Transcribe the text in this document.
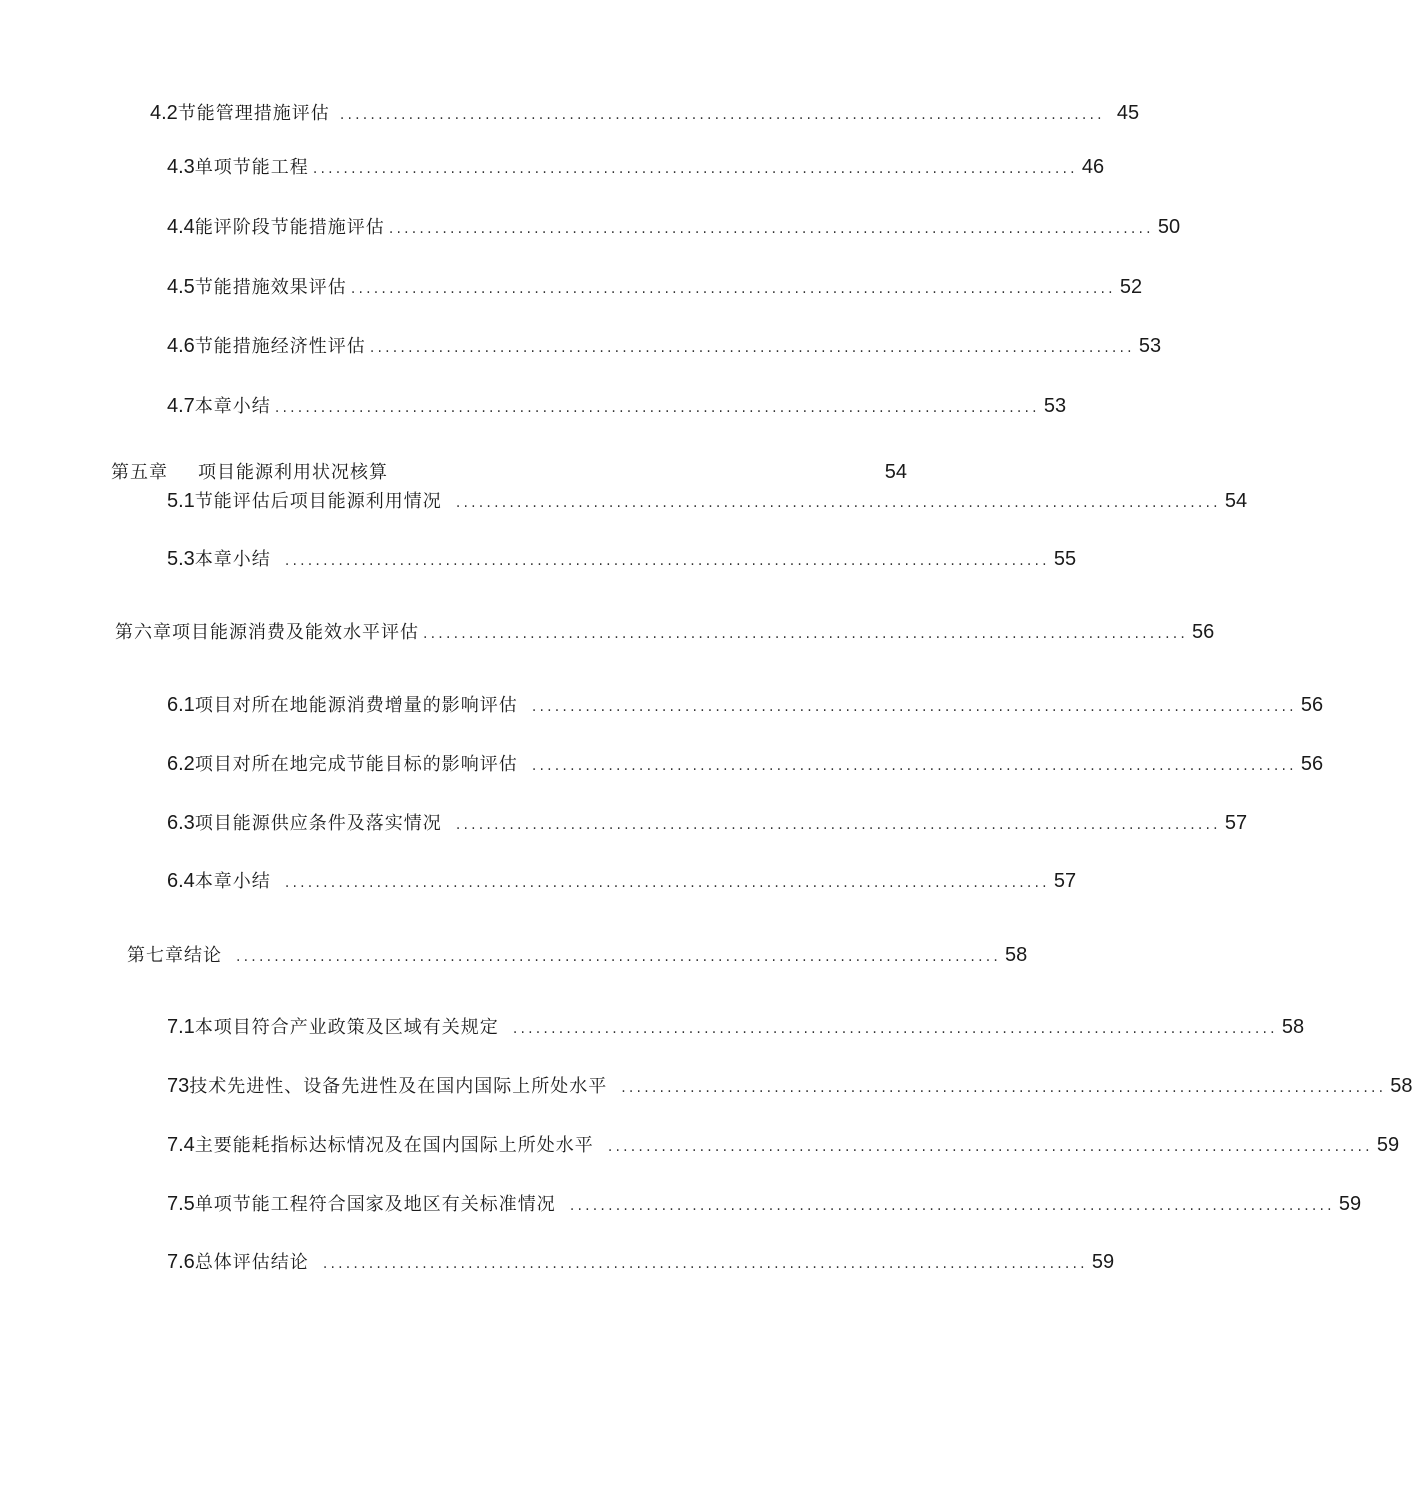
4.2 节能管理措施评估 .................................................................................................... 45
4.3 单项节能工程 .................................................................................................... 46
4.4 能评阶段节能措施评估 .................................................................................................... 50
4.5 节能措施效果评估 .................................................................................................... 52
4.6 节能措施经济性评估 .................................................................................................... 53
4.7 本章小结 .................................................................................................... 53
第五章 项目能源利用状况核算	54
5.1 节能评估后项目能源利用情况 .................................................................................................... 54
5.3 本章小结 .................................................................................................... 55
第六章 项目能源消费及能效水平评估 .................................................................................................... 56
6.1 项目对所在地能源消费增量的影响评估 .................................................................................................... 56
6.2 项目对所在地完成节能目标的影响评估 .................................................................................................... 56
6.3 项目能源供应条件及落实情况 .................................................................................................... 57
6.4 本章小结 .................................................................................................... 57
第七章结论 .................................................................................................... 58
7.1 本项目符合产业政策及区域有关规定 .................................................................................................... 58
73 技术先进性、设备先进性及在国内国际上所处水平 .................................................................................................... 58
7.4 主要能耗指标达标情况及在国内国际上所处水平 .................................................................................................... 59
7.5 单项节能工程符合国家及地区有关标准情况 .................................................................................................... 59
7.6 总体评估结论 .................................................................................................... 59
